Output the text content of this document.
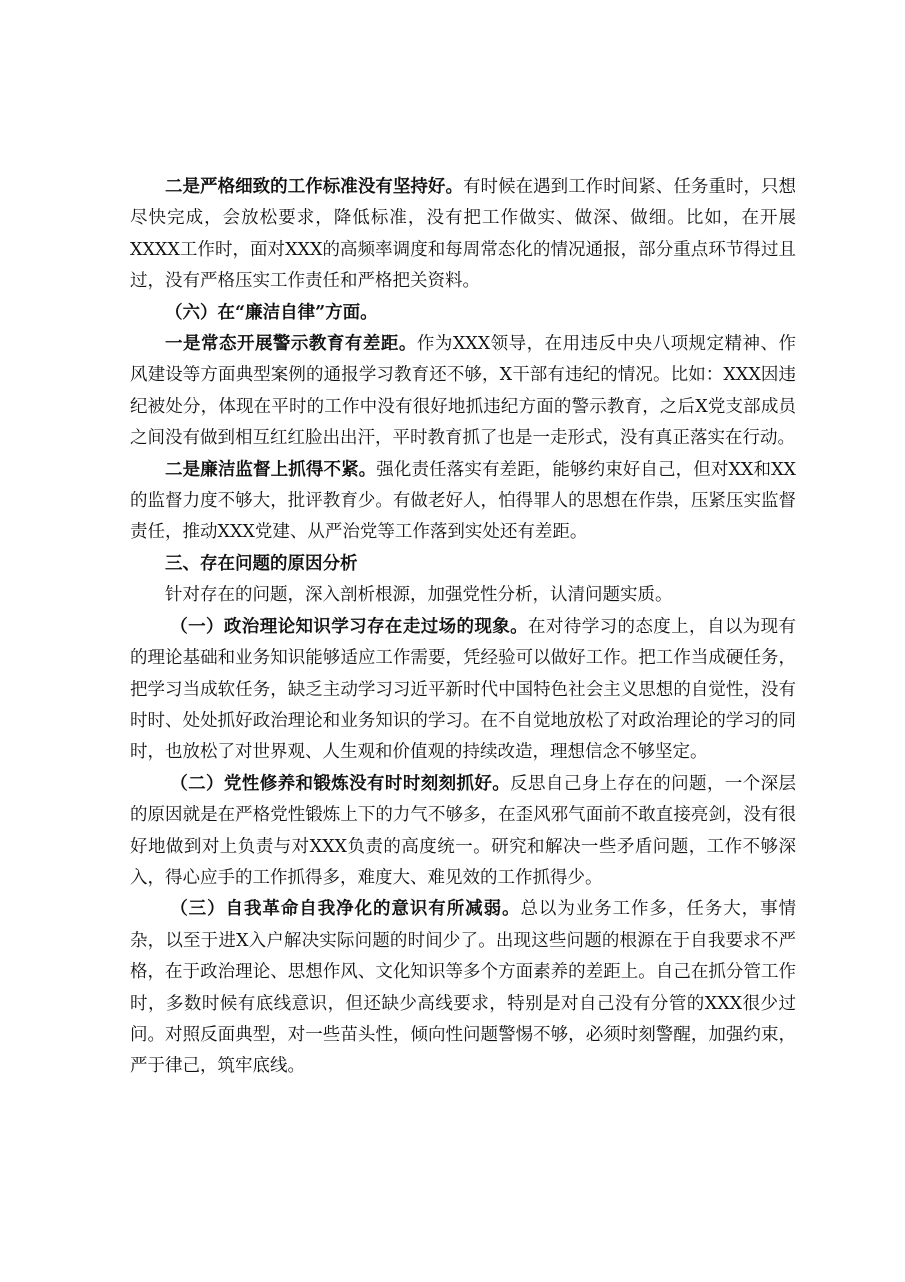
二是严格细致的工作标准没有坚持好。有时候在遇到工作时间紧、任务重时，只想尽快完成，会放松要求，降低标准，没有把工作做实、做深、做细。比如，在开展XXXX工作时，面对XXX的高频率调度和每周常态化的情况通报，部分重点环节得过且过，没有严格压实工作责任和严格把关资料。

（六）在“廉洁自律”方面。

一是常态开展警示教育有差距。作为XXX领导，在用违反中央八项规定精神、作风建设等方面典型案例的通报学习教育还不够，X干部有违纪的情况。比如：XXX因违纪被处分，体现在平时的工作中没有很好地抓违纪方面的警示教育，之后X党支部成员之间没有做到相互红红脸出出汗，平时教育抓了也是一走形式，没有真正落实在行动。

二是廉洁监督上抓得不紧。强化责任落实有差距，能够约束好自己，但对XX和XX的监督力度不够大，批评教育少。有做老好人，怕得罪人的思想在作祟，压紧压实监督责任，推动XXX党建、从严治党等工作落到实处还有差距。

三、存在问题的原因分析

针对存在的问题，深入剖析根源，加强党性分析，认清问题实质。

（一）政治理论知识学习存在走过场的现象。在对待学习的态度上，自以为现有的理论基础和业务知识能够适应工作需要，凭经验可以做好工作。把工作当成硬任务，把学习当成软任务，缺乏主动学习习近平新时代中国特色社会主义思想的自觉性，没有时时、处处抓好政治理论和业务知识的学习。在不自觉地放松了对政治理论的学习的同时，也放松了对世界观、人生观和价值观的持续改造，理想信念不够坚定。

（二）党性修养和锻炼没有时时刻刻抓好。反思自己身上存在的问题，一个深层的原因就是在严格党性锻炼上下的力气不够多，在歪风邪气面前不敢直接亮剑，没有很好地做到对上负责与对XXX负责的高度统一。研究和解决一些矛盾问题，工作不够深入，得心应手的工作抓得多，难度大、难见效的工作抓得少。

（三）自我革命自我净化的意识有所减弱。总以为业务工作多，任务大，事情杂，以至于进X入户解决实际问题的时间少了。出现这些问题的根源在于自我要求不严格，在于政治理论、思想作风、文化知识等多个方面素养的差距上。自己在抓分管工作时，多数时候有底线意识，但还缺少高线要求，特别是对自己没有分管的XXX很少过问。对照反面典型，对一些苗头性，倾向性问题警惕不够，必须时刻警醒，加强约束，严于律己，筑牢底线。
